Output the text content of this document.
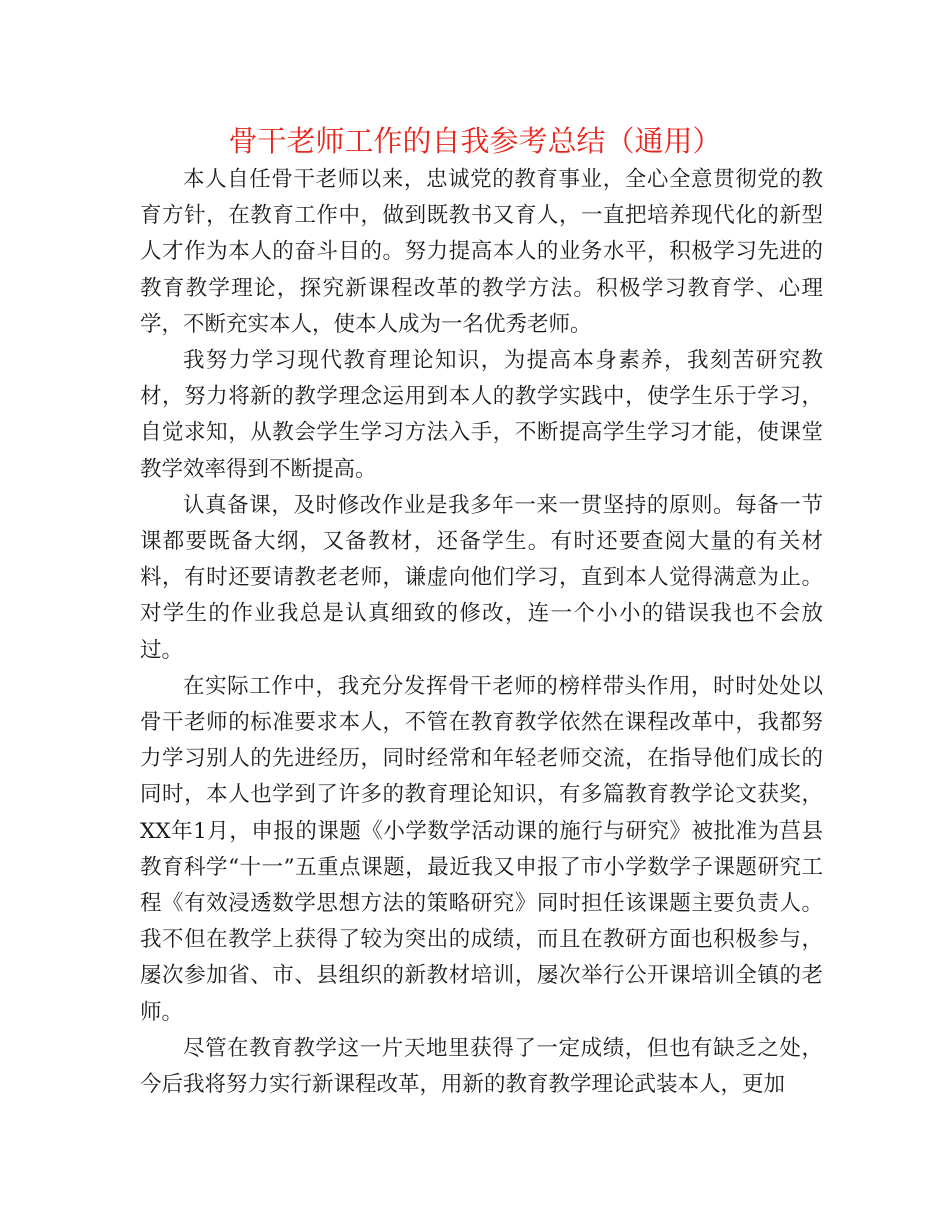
骨干老师工作的自我参考总结（通用）

本人自任骨干老师以来，忠诚党的教育事业，全心全意贯彻党的教育方针，在教育工作中，做到既教书又育人，一直把培养现代化的新型人才作为本人的奋斗目的。努力提高本人的业务水平，积极学习先进的教育教学理论，探究新课程改革的教学方法。积极学习教育学、心理学，不断充实本人，使本人成为一名优秀老师。

我努力学习现代教育理论知识，为提高本身素养，我刻苦研究教材，努力将新的教学理念运用到本人的教学实践中，使学生乐于学习，自觉求知，从教会学生学习方法入手，不断提高学生学习才能，使课堂教学效率得到不断提高。

认真备课，及时修改作业是我多年一来一贯坚持的原则。每备一节课都要既备大纲，又备教材，还备学生。有时还要查阅大量的有关材料，有时还要请教老老师，谦虚向他们学习，直到本人觉得满意为止。对学生的作业我总是认真细致的修改，连一个小小的错误我也不会放过。

在实际工作中，我充分发挥骨干老师的榜样带头作用，时时处处以骨干老师的标准要求本人，不管在教育教学依然在课程改革中，我都努力学习别人的先进经历，同时经常和年轻老师交流，在指导他们成长的同时，本人也学到了许多的教育理论知识，有多篇教育教学论文获奖，XX年1月，申报的课题《小学数学活动课的施行与研究》被批准为莒县教育科学“十一”五重点课题，最近我又申报了市小学数学子课题研究工程《有效浸透数学思想方法的策略研究》同时担任该课题主要负责人。我不但在教学上获得了较为突出的成绩，而且在教研方面也积极参与，屡次参加省、市、县组织的新教材培训，屡次举行公开课培训全镇的老师。

尽管在教育教学这一片天地里获得了一定成绩，但也有缺乏之处，今后我将努力实行新课程改革，用新的教育教学理论武装本人，更加
